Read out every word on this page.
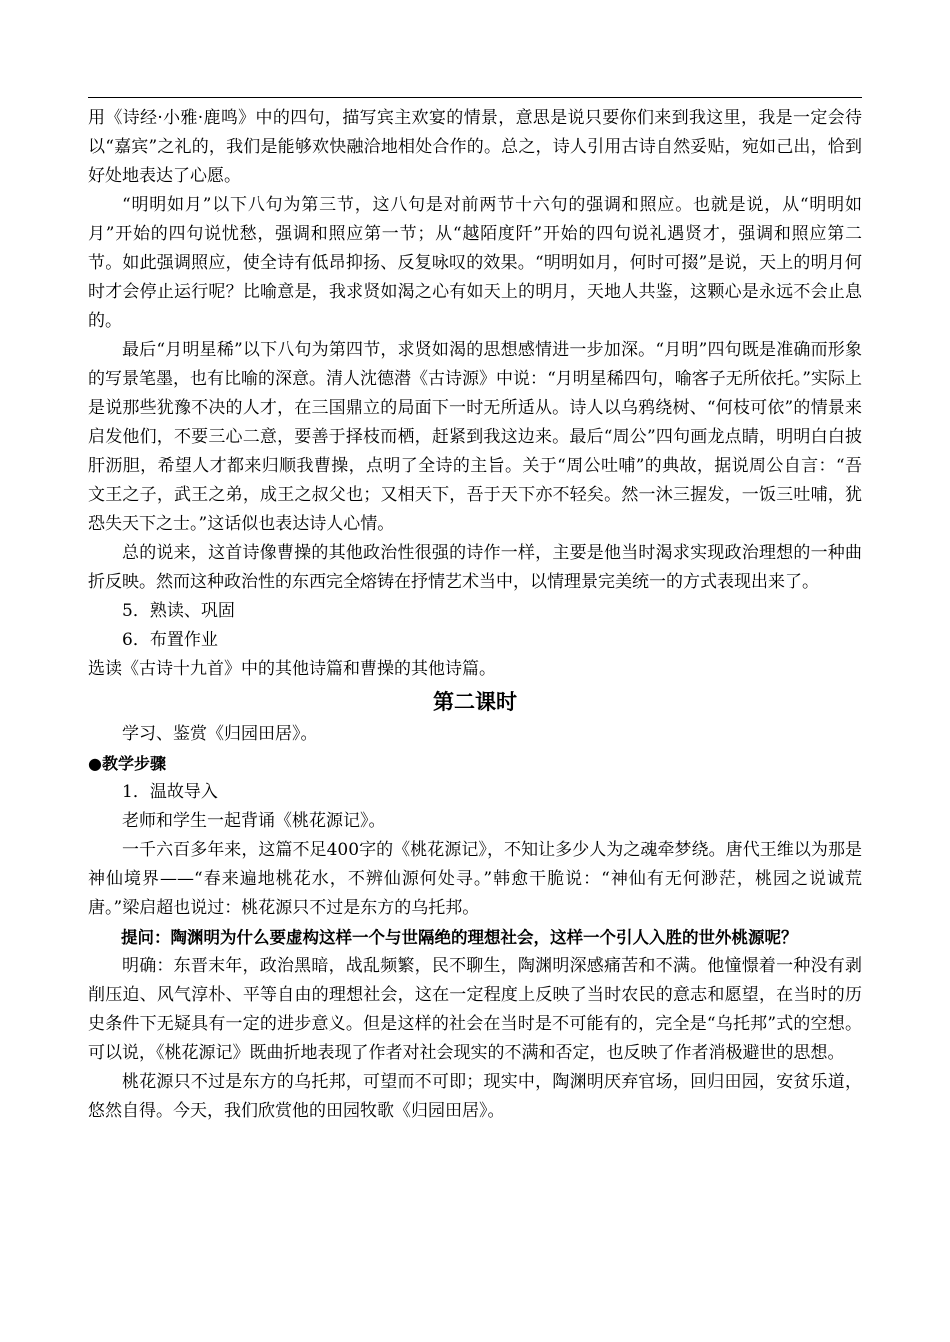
用《诗经·小雅·鹿鸣》中的四句，描写宾主欢宴的情景，意思是说只要你们来到我这里，我是一定会待以“嘉宾”之礼的，我们是能够欢快融洽地相处合作的。总之，诗人引用古诗自然妥贴，宛如己出，恰到好处地表达了心愿。

“明明如月”以下八句为第三节，这八句是对前两节十六句的强调和照应。也就是说，从“明明如月”开始的四句说忧愁，强调和照应第一节；从“越陌度阡”开始的四句说礼遇贤才，强调和照应第二节。如此强调照应，使全诗有低昂抑扬、反复咏叹的效果。“明明如月，何时可掇”是说，天上的明月何时才会停止运行呢？比喻意是，我求贤如渴之心有如天上的明月，天地人共鉴，这颗心是永远不会止息的。

最后“月明星稀”以下八句为第四节，求贤如渴的思想感情进一步加深。“月明”四句既是准确而形象的写景笔墨，也有比喻的深意。清人沈德潜《古诗源》中说：“月明星稀四句，喻客子无所依托。”实际上是说那些犹豫不决的人才，在三国鼎立的局面下一时无所适从。诗人以乌鸦绕树、“何枝可依”的情景来启发他们，不要三心二意，要善于择枝而栖，赶紧到我这边来。最后“周公”四句画龙点睛，明明白白披肝沥胆，希望人才都来归顺我曹操，点明了全诗的主旨。关于“周公吐哺”的典故，据说周公自言：“吾文王之子，武王之弟，成王之叔父也；又相天下，吾于天下亦不轻矣。然一沐三握发，一饭三吐哺，犹恐失天下之士。”这话似也表达诗人心情。

总的说来，这首诗像曹操的其他政治性很强的诗作一样，主要是他当时渴求实现政治理想的一种曲折反映。然而这种政治性的东西完全熔铸在抒情艺术当中，以情理景完美统一的方式表现出来了。

5．熟读、巩固

6．布置作业

选读《古诗十九首》中的其他诗篇和曹操的其他诗篇。

第二课时

学习、鉴赏《归园田居》。

●教学步骤

1．温故导入

老师和学生一起背诵《桃花源记》。

一千六百多年来，这篇不足400字的《桃花源记》，不知让多少人为之魂牵梦绕。唐代王维以为那是神仙境界——“春来遍地桃花水，不辨仙源何处寻。”韩愈干脆说：“神仙有无何渺茫，桃园之说诚荒唐。”梁启超也说过：桃花源只不过是东方的乌托邦。

提问：陶渊明为什么要虚构这样一个与世隔绝的理想社会，这样一个引人入胜的世外桃源呢？

明确：东晋末年，政治黑暗，战乱频繁，民不聊生，陶渊明深感痛苦和不满。他憧憬着一种没有剥削压迫、风气淳朴、平等自由的理想社会，这在一定程度上反映了当时农民的意志和愿望，在当时的历史条件下无疑具有一定的进步意义。但是这样的社会在当时是不可能有的，完全是“乌托邦”式的空想。可以说，《桃花源记》既曲折地表现了作者对社会现实的不满和否定，也反映了作者消极避世的思想。

桃花源只不过是东方的乌托邦，可望而不可即；现实中，陶渊明厌弃官场，回归田园，安贫乐道，悠然自得。今天，我们欣赏他的田园牧歌《归园田居》。
